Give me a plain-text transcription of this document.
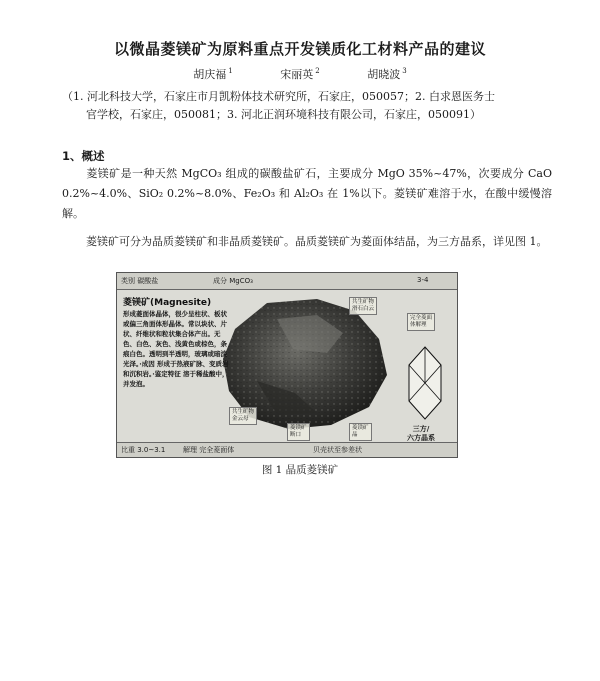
以微晶菱镁矿为原料重点开发镁质化工材料产品的建议
胡庆福 $^1$	宋丽英 $^2$	胡晓波 $^3$
（1. 河北科技大学，石家庄市月凯粉体技术研究所，石家庄，050057；2. 白求恩医务士
官学校，石家庄，050081；3. 河北正润环境科技有限公司，石家庄，050091）
1、概述
菱镁矿是一种天然 MgCO₃ 组成的碳酸盐矿石，主要成分 MgO 35%~47%，次要成分 CaO 0.2%~4.0%、SiO₂ 0.2%~8.0%、Fe₂O₃ 和 Al₂O₃ 在 1%以下。菱镁矿难溶于水，在酸中缓慢溶解。
菱镁矿可分为晶质菱镁矿和非晶质菱镁矿。晶质菱镁矿为菱面体结晶，为三方晶系，详见图 1。
类别 碳酸盐	成分 MgCO₃	3-4
菱镁矿(Magnesite)
形成菱面体晶体，很少呈柱状、板状或偏三角面体形晶体。常以块状、片状、纤维状和粒状集合体产出。无色、白色、灰色、浅黄色或棕色，条痕白色。透明到半透明，玻璃或暗淡光泽。·成因 形成于热液矿脉、变质岩和沉积岩。·鉴定特征 溶于稀盐酸中，并发泡。
共生矿物
滑石白云
完全菱面
体解理
共生矿物
金云母
菱镁矿
断口
菱镁矿
晶
三方/
六方晶系
比重 3.0~3.1	解理 完全菱面体	贝壳状至参差状
图 1 晶质菱镁矿
